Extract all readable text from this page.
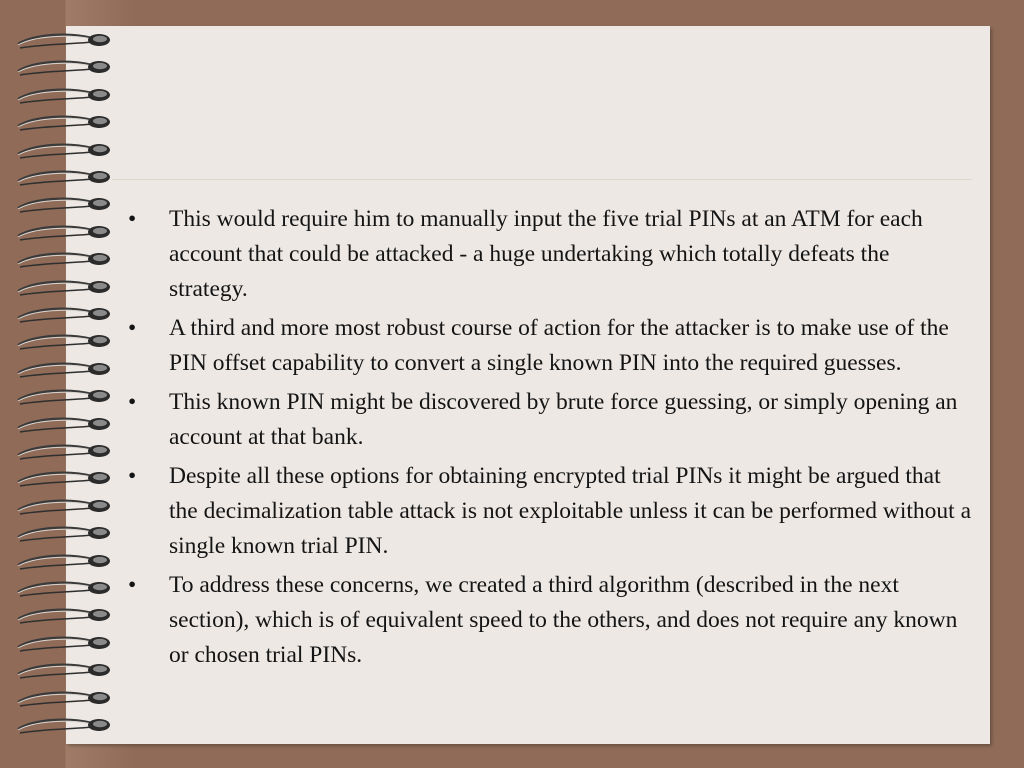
•	This would require him to manually input the five trial PINs at an ATM for each account that could be attacked - a huge undertaking which totally defeats the strategy.
•	A third and more most robust course of action for the attacker is to make use of the PIN offset capability to convert a single known PIN into the required guesses.
•	This known PIN might be discovered by brute force guessing, or simply opening an account at that bank.
•	Despite all these options for obtaining encrypted trial PINs it might be argued that the decimalization table attack is not exploitable unless it can be performed without a single known trial PIN.
•	To address these concerns, we created a third algorithm (described in the next section), which is of equivalent speed to the others, and does not require any known or chosen trial PINs.
